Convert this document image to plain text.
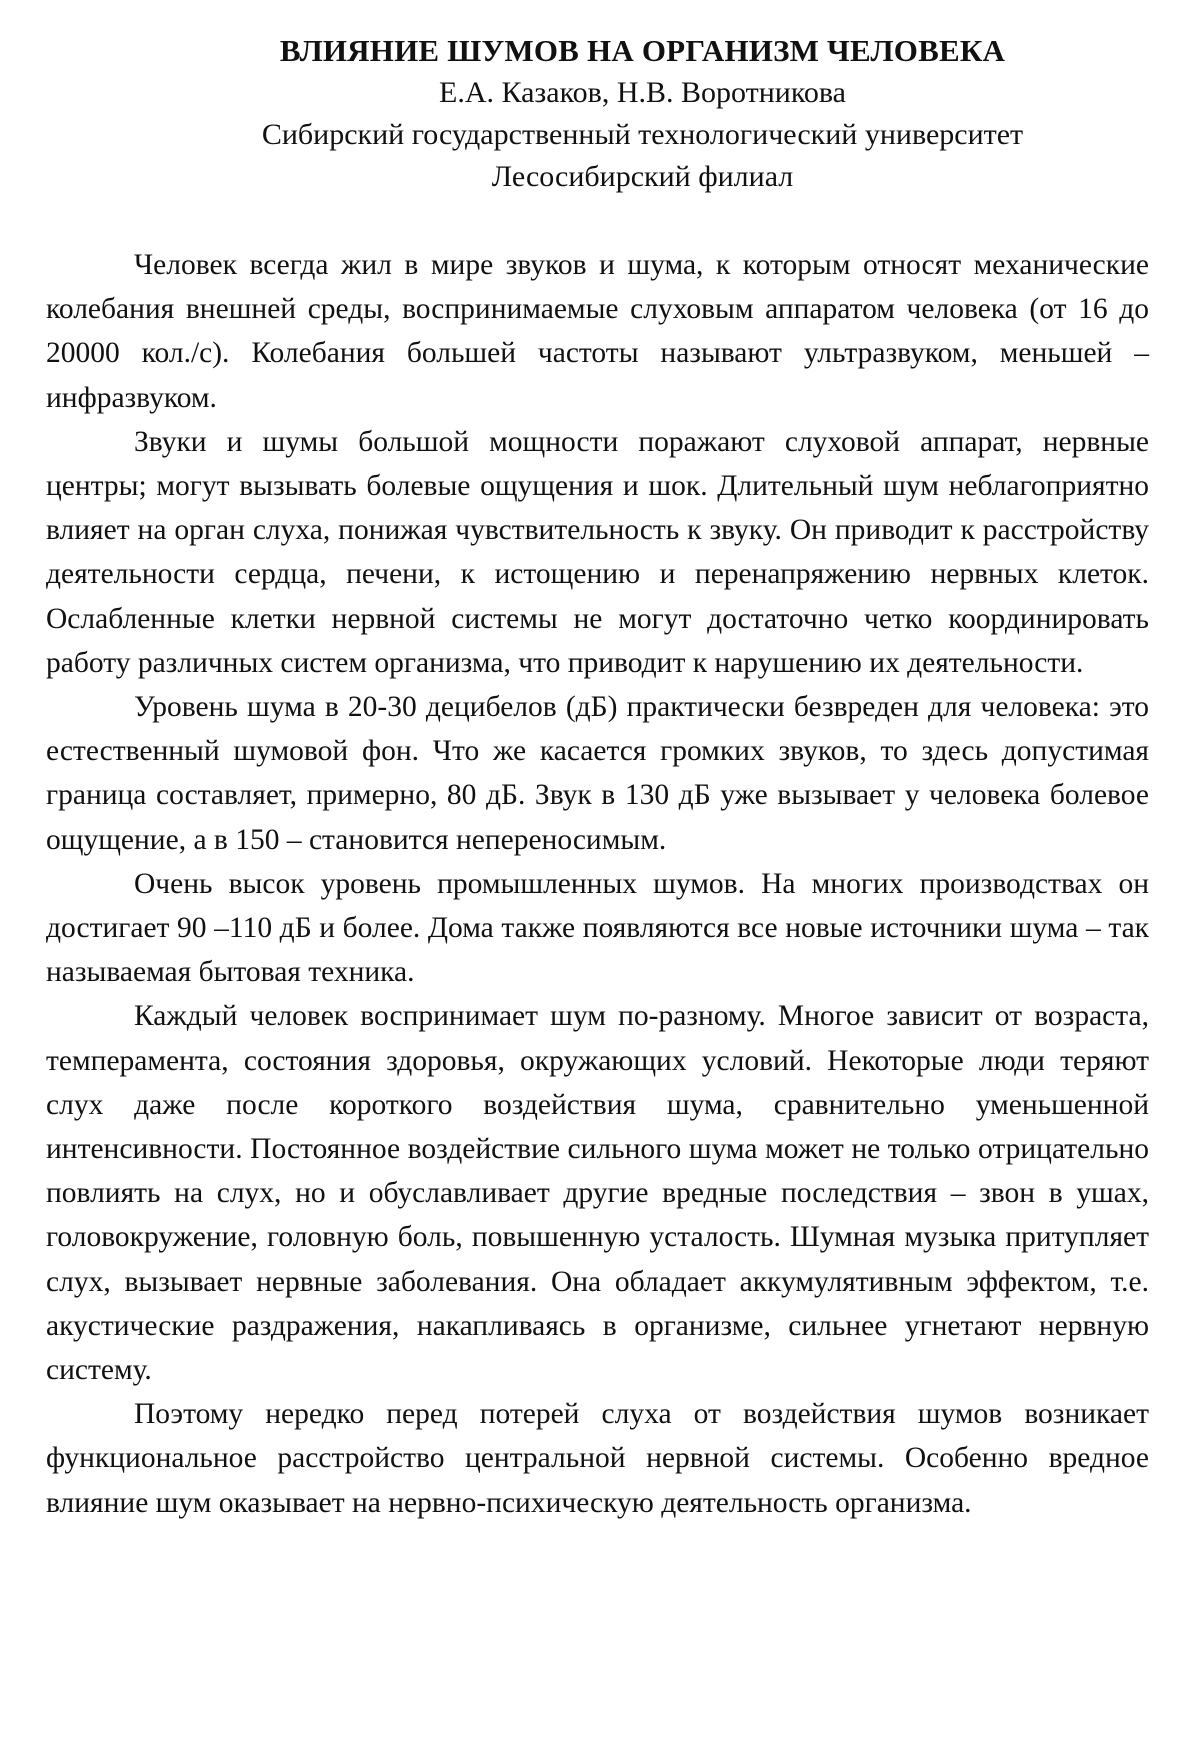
ВЛИЯНИЕ ШУМОВ НА ОРГАНИЗМ ЧЕЛОВЕКА
Е.А. Казаков, Н.В. Воротникова
Сибирский государственный технологический университет
Лесосибирский филиал

Человек всегда жил в мире звуков и шума, к которым относят механические колебания внешней среды, воспринимаемые слуховым аппаратом человека (от 16 до 20000 кол./с). Колебания большей частоты называют ультразвуком, меньшей – инфразвуком.

Звуки и шумы большой мощности поражают слуховой аппарат, нервные центры; могут вызывать болевые ощущения и шок. Длительный шум неблагоприятно влияет на орган слуха, понижая чувствительность к звуку. Он приводит к расстройству деятельности сердца, печени, к истощению и перенапряжению нервных клеток. Ослабленные клетки нервной системы не могут достаточно четко координировать работу различных систем организма, что приводит к нарушению их деятельности.

Уровень шума в 20-30 децибелов (дБ) практически безвреден для человека: это естественный шумовой фон. Что же касается громких звуков, то здесь допустимая граница составляет, примерно, 80 дБ. Звук в 130 дБ уже вызывает у человека болевое ощущение, а в 150 – становится непереносимым.

Очень высок уровень промышленных шумов. На многих производствах он достигает 90 –110 дБ и более. Дома также появляются все новые источники шума – так называемая бытовая техника.

Каждый человек воспринимает шум по-разному. Многое зависит от возраста, темперамента, состояния здоровья, окружающих условий. Некоторые люди теряют слух даже после короткого воздействия шума, сравнительно уменьшенной интенсивности. Постоянное воздействие сильного шума может не только отрицательно повлиять на слух, но и обуславливает другие вредные последствия – звон в ушах, головокружение, головную боль, повышенную усталость. Шумная музыка притупляет слух, вызывает нервные заболевания. Она обладает аккумулятивным эффектом, т.е. акустические раздражения, накапливаясь в организме, сильнее угнетают нервную систему.

Поэтому нередко перед потерей слуха от воздействия шумов возникает функциональное расстройство центральной нервной системы. Особенно вредное влияние шум оказывает на нервно-психическую деятельность организма.
